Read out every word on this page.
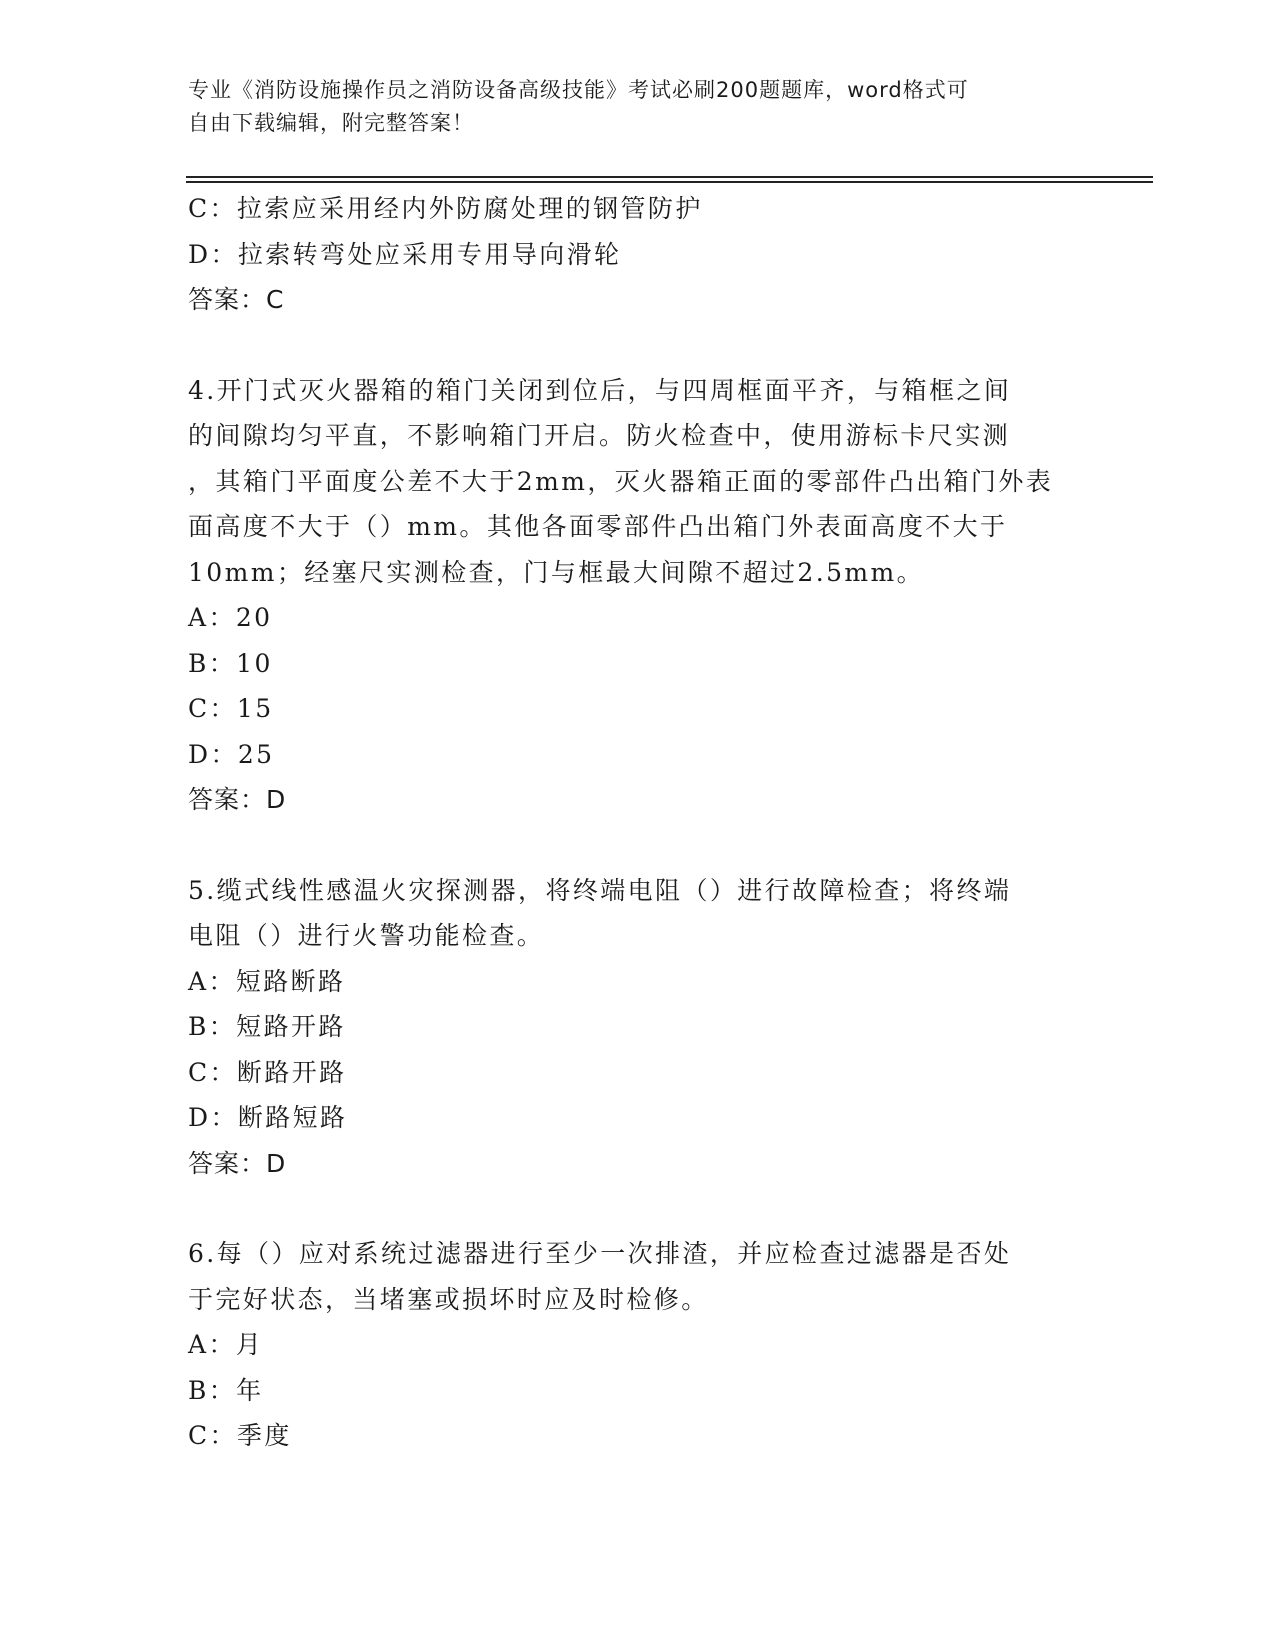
专业《消防设施操作员之消防设备高级技能》考试必刷200题题库，word格式可
自由下载编辑，附完整答案！
C：拉索应采用经内外防腐处理的钢管防护
D：拉索转弯处应采用专用导向滑轮
答案：C
4.开门式灭火器箱的箱门关闭到位后，与四周框面平齐，与箱框之间
的间隙均匀平直，不影响箱门开启。防火检查中，使用游标卡尺实测
，其箱门平面度公差不大于2mm，灭火器箱正面的零部件凸出箱门外表
面高度不大于（）mm。其他各面零部件凸出箱门外表面高度不大于
10mm；经塞尺实测检查，门与框最大间隙不超过2.5mm。
A：20
B：10
C：15
D：25
答案：D
5.缆式线性感温火灾探测器，将终端电阻（）进行故障检查；将终端
电阻（）进行火警功能检查。
A：短路断路
B：短路开路
C：断路开路
D：断路短路
答案：D
6.每（）应对系统过滤器进行至少一次排渣，并应检查过滤器是否处
于完好状态，当堵塞或损坏时应及时检修。
A：月
B：年
C：季度
